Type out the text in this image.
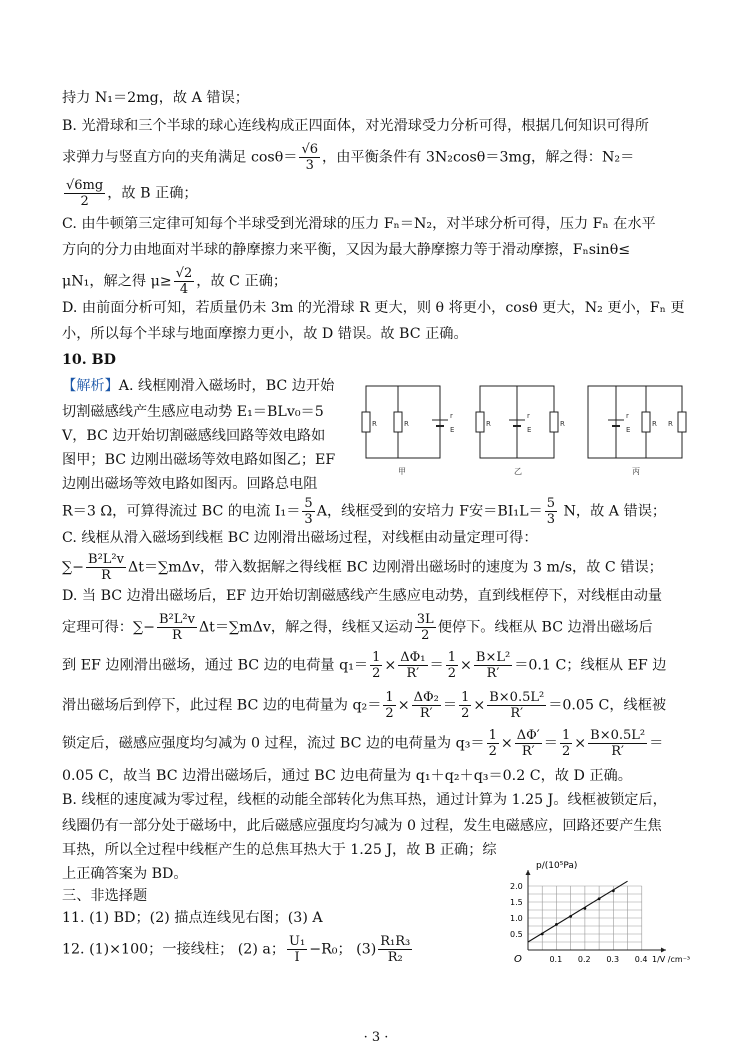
持力 N₁＝2mg，故 A 错误；
B. 光滑球和三个半球的球心连线构成正四面体，对光滑球受力分析可得，根据几何知识可得所
求弹力与竖直方向的夹角满足 $\cos\theta= \frac{√6}{3}$ ，由平衡条件有 3N₂cosθ＝3mg，解之得：N₂＝
$\frac{√6mg}{2}$ ，故 B 正确；
C. 由牛顿第三定律可知每个半球受到光滑球的压力 Fₙ＝N₂，对半球分析可得，压力 Fₙ 在水平
方向的分力由地面对半球的静摩擦力来平衡，又因为最大静摩擦力等于滑动摩擦，Fₙsinθ≤
μN₁，解之得 $\mu\ge \frac{√2}{4}$ ，故 C 正确；
D. 由前面分析可知，若质量仍未 3m 的光滑球 R 更大，则 θ 将更小，cosθ 更大，N₂ 更小，Fₙ 更
小，所以每个半球与地面摩擦力更小，故 D 错误。故 BC 正确。
10. BD
【解析】A. 线框刚滑入磁场时，BC 边开始
切割磁感线产生感应电动势 E₁＝BLv₀＝5
V，BC 边开始切割磁感线回路等效电路如
图甲；BC 边刚出磁场等效电路如图乙；EF
边刚出磁场等效电路如图丙。回路总电阻
R	R
r
E
R
r
E
R
r
E
R R
甲	乙	丙
R＝3 Ω，可算得流过 BC 的电流 $I_1= \frac{5}{3}$ A，线框受到的安培力 F安$=BI_1L= \frac{5}{3}$ N，故 A 错误；
C. 线框从滑入磁场到线框 BC 边刚滑出磁场过程，对线框由动量定理可得：
∑− $\frac{\text{B²L²v}}{R} \Delta t=\sum m\Delta v$，带入数据解之得线框 BC 边刚滑出磁场时的速度为 3 m/s，故 C 错误；
D. 当 BC 边滑出磁场后，EF 边开始切割磁感线产生感应电动势，直到线框停下，对线框由动量
定理可得：∑− $\frac{\text{B²L²v}}{R} \Delta t=\sum m\Delta v$，解之得，线框又运动 $\frac{3L}{2}$ 便停下。线框从 BC 边滑出磁场后
到 EF 边刚滑出磁场，通过 BC 边的电荷量 $q_1= \frac{1}{2} \times \frac{\text{ΔΦ₁}}{R'} = \frac{1}{2} \times \frac{\text{B×L²}}{R'} =0.1$ C；线框从 EF 边
滑出磁场后到停下，此过程 BC 边的电荷量为 $q_2= \frac{1}{2} \times \frac{\text{ΔΦ₂}}{R'} = \frac{1}{2} \times \frac{\text{B×0.5L²}}{R'} =0.05$ C，线框被
锁定后，磁感应强度均匀减为 0 过程，流过 BC 边的电荷量为 $q_3= \frac{1}{2} \times \frac{\Delta\Phi'}{R'} = \frac{1}{2} \times \frac{\text{B×0.5L²}}{R'}$ ＝
0.05 C，故当 BC 边滑出磁场后，通过 BC 边电荷量为 q₁＋q₂＋q₃＝0.2 C，故 D 正确。
B. 线框的速度减为零过程，线框的动能全部转化为焦耳热，通过计算为 1.25 J。线框被锁定后，
线圈仍有一部分处于磁场中，此后磁感应强度均匀减为 0 过程，发生电磁感应，回路还要产生焦
耳热，所以全过程中线框产生的总焦耳热大于 1.25 J，故 B 正确；综
上正确答案为 BD。
三、非选择题
11. (1) BD；(2) 描点连线见右图；(3) A
12. (1)×100；一接线柱； (2) a； $\frac{\text{U₁}}{I} -R_0$； $(3) \frac{\text{R₁R₃}}{\text{R₂}}$	0.1 0.2 0.3 0.4
0.5
1.0
1.5
2.0
p/(10⁵Pa)
1/V /cm⁻³
O
· 3 ·
